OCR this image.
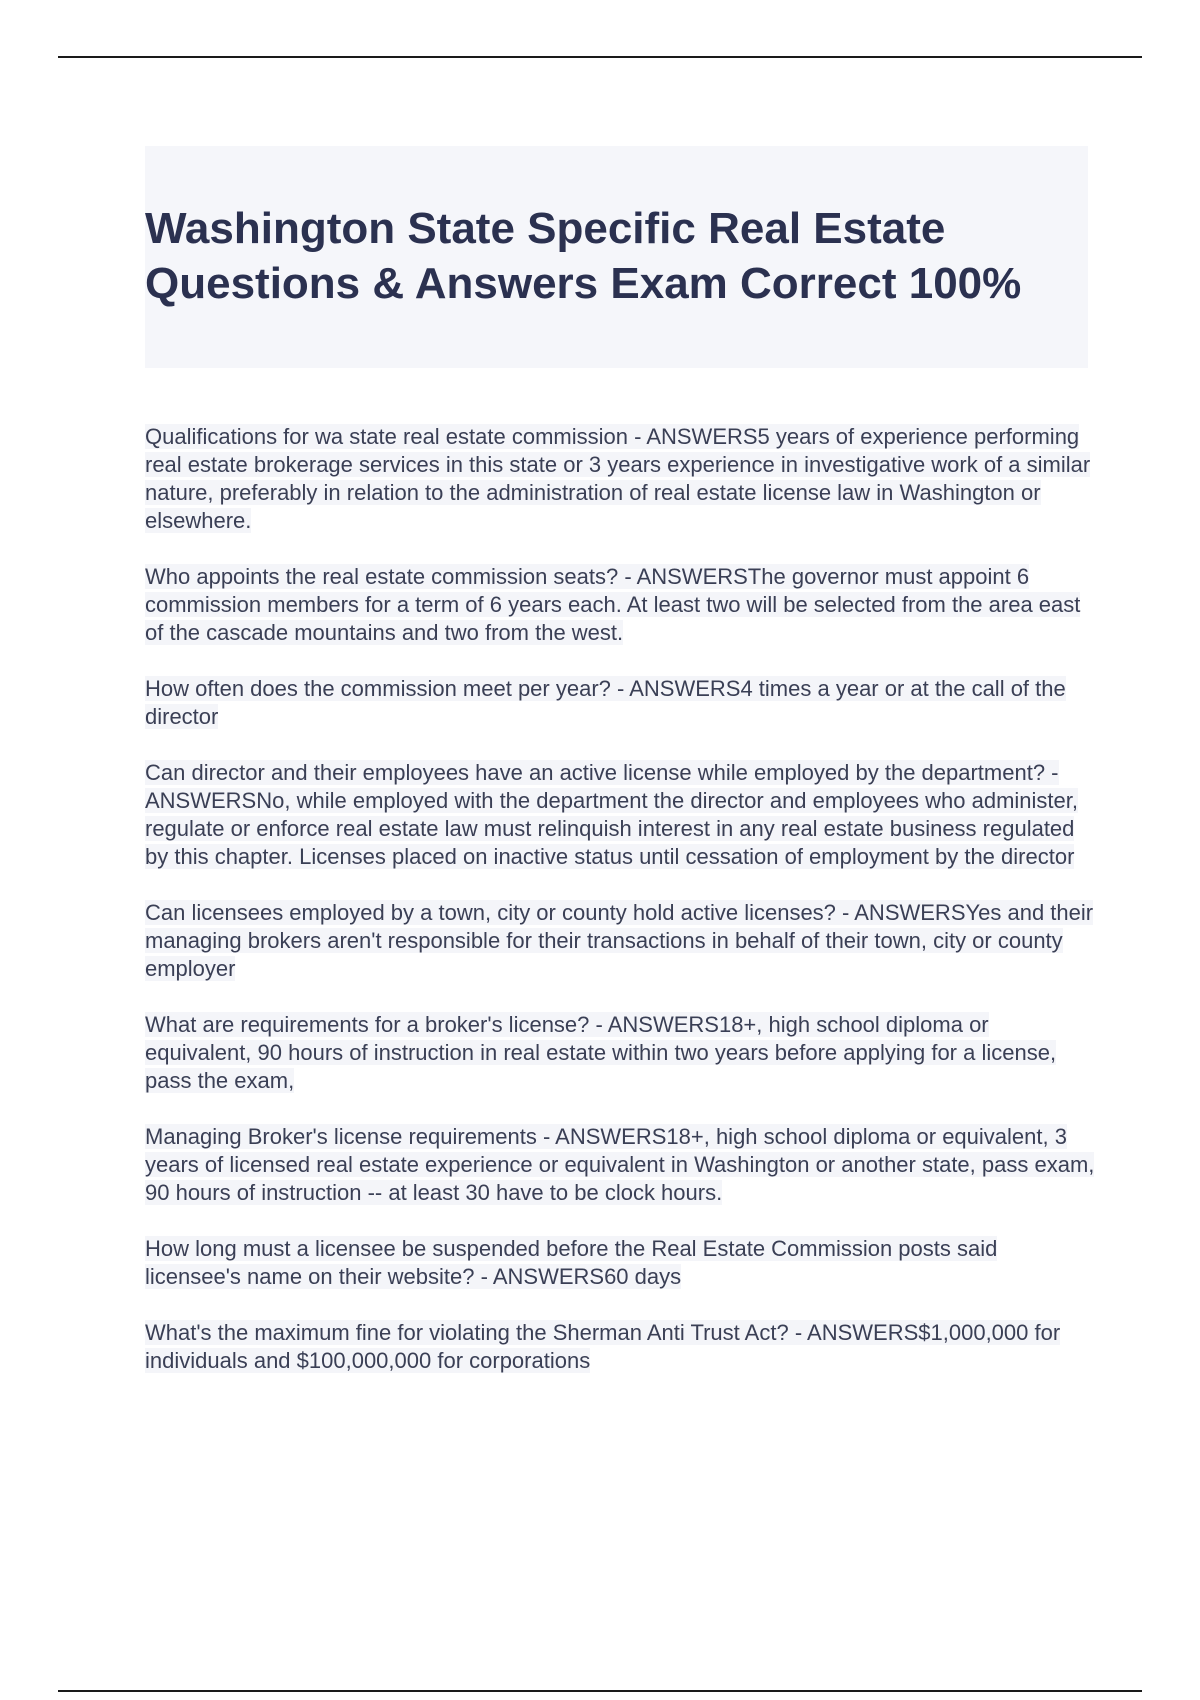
Washington State Specific Real Estate Questions & Answers Exam Correct 100%

Qualifications for wa state real estate commission - ANSWERS5 years of experience performing real estate brokerage services in this state or 3 years experience in investigative work of a similar nature, preferably in relation to the administration of real estate license law in Washington or elsewhere.

Who appoints the real estate commission seats? - ANSWERSThe governor must appoint 6 commission members for a term of 6 years each. At least two will be selected from the area east of the cascade mountains and two from the west.

How often does the commission meet per year? - ANSWERS4 times a year or at the call of the director

Can director and their employees have an active license while employed by the department? - ANSWERSNo, while employed with the department the director and employees who administer, regulate or enforce real estate law must relinquish interest in any real estate business regulated by this chapter. Licenses placed on inactive status until cessation of employment by the director

Can licensees employed by a town, city or county hold active licenses? - ANSWERSYes and their managing brokers aren't responsible for their transactions in behalf of their town, city or county employer

What are requirements for a broker's license? - ANSWERS18+, high school diploma or equivalent, 90 hours of instruction in real estate within two years before applying for a license, pass the exam,

Managing Broker's license requirements - ANSWERS18+, high school diploma or equivalent, 3 years of licensed real estate experience or equivalent in Washington or another state, pass exam, 90 hours of instruction -- at least 30 have to be clock hours.

How long must a licensee be suspended before the Real Estate Commission posts said licensee's name on their website? - ANSWERS60 days

What's the maximum fine for violating the Sherman Anti Trust Act? - ANSWERS$1,000,000 for individuals and $100,000,000 for corporations
